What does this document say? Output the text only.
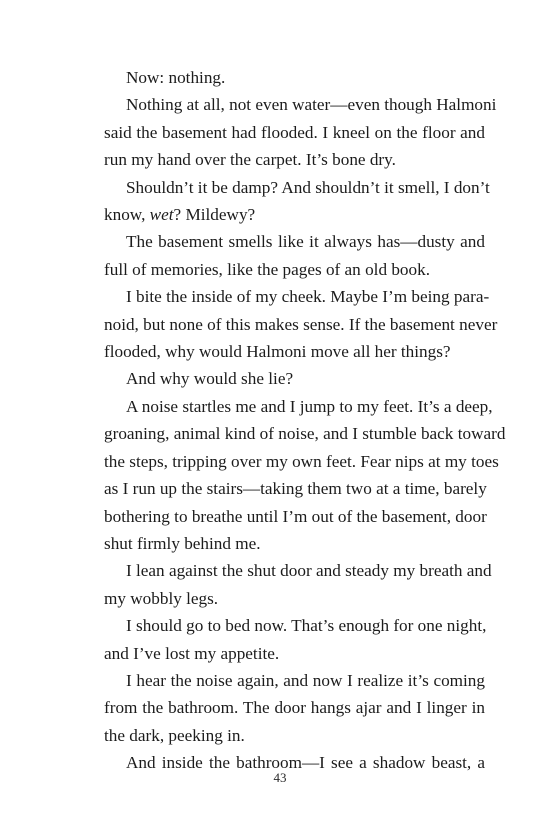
Now: nothing.
Nothing at all, not even water—even though Halmoni
said the basement had flooded. I kneel on the floor and
run my hand over the carpet. It’s bone dry.
Shouldn’t it be damp? And shouldn’t it smell, I don’t
know, wet? Mildewy?
The basement smells like it always has—dusty and
full of memories, like the pages of an old book.
I bite the inside of my cheek. Maybe I’m being para-
noid, but none of this makes sense. If the basement never
flooded, why would Halmoni move all her things?
And why would she lie?
A noise startles me and I jump to my feet. It’s a deep,
groaning, animal kind of noise, and I stumble back toward
the steps, tripping over my own feet. Fear nips at my toes
as I run up the stairs—taking them two at a time, barely
bothering to breathe until I’m out of the basement, door
shut firmly behind me.
I lean against the shut door and steady my breath and
my wobbly legs.
I should go to bed now. That’s enough for one night,
and I’ve lost my appetite.
I hear the noise again, and now I realize it’s coming
from the bathroom. The door hangs ajar and I linger in
the dark, peeking in.
And inside the bathroom—I see a shadow beast, a
43
